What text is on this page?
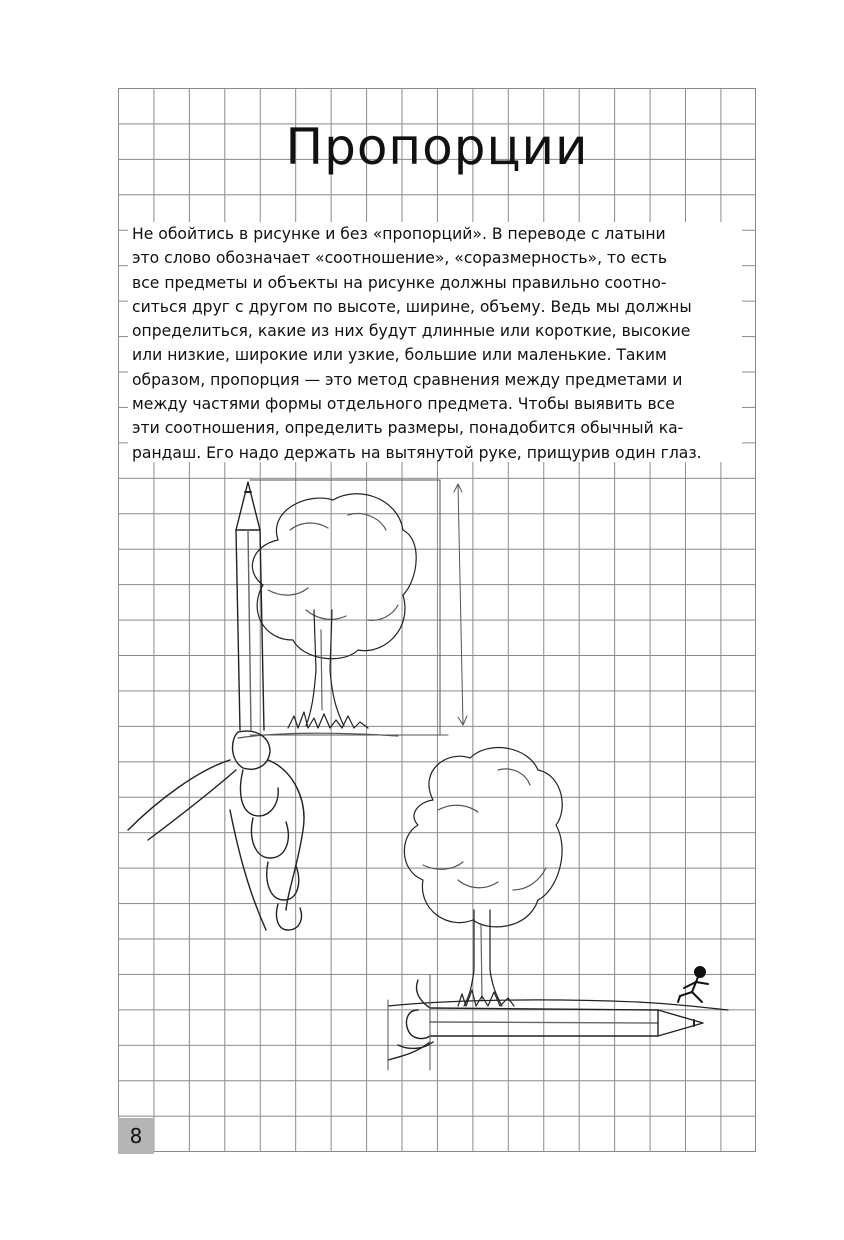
Пропорции
Не обойтись в рисунке и без «пропорций». В переводе с латыни
это слово обозначает «соотношение», «соразмерность», то есть
все предметы и объекты на рисунке должны правильно соотно-
ситься друг с другом по высоте, ширине, объему. Ведь мы должны
определиться, какие из них будут длинные или короткие, высокие
или низкие, широкие или узкие, большие или маленькие. Таким
образом, пропорция — это метод сравнения между предметами и
между частями формы отдельного предмета. Чтобы выявить все
эти соотношения, определить размеры, понадобится обычный ка-
рандаш. Его надо держать на вытянутой руке, прищурив один глаз.
8
